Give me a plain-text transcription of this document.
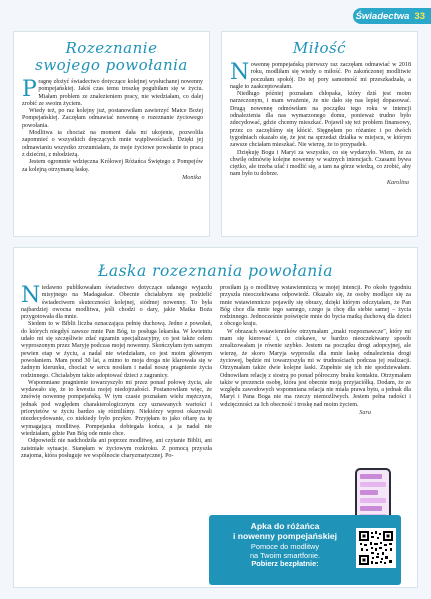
Świadectwa 33
Rozeznanie
swojego powołania

Pragnę złożyć świadectwo dotyczące kolejnej wysłuchanej nowenny pompejańskiej. Jakiś czas temu troszkę pogubiłam się w życiu. Miałam problem ze znalezieniem pracy, nie wiedziałam, co dalej zrobić ze swoim życiem.

Wtedy też, po raz kolejny już, postanowiłam zawierzyć Matce Bożej Pompejańskiej. Zaczęłam odmawiać nowennę o rozeznanie życiowego powołania.

Modlitwa ta chociaż na moment dała mi ukojenie, pozwoliła zapomnieć o wszystkich dręczących mnie wątpliwościach. Dzięki jej odmawianiu wszystko zrozumiałam, że moje życiowe powołanie to praca z dziećmi, z młodzieżą.

Jestem ogromnie wdzięczna Królowej Różańca Świętego z Pompejów za kolejną otrzymaną łaskę.

Monika
Miłość

Nowennę pompejańską pierwszy raz zaczęłam odmawiać w 2018 roku, modliłam się wtedy o miłość. Po zakończonej modlitwie poczułam spokój. Do tej pory samotność mi przeszkadzała, a nagle to zaakceptowałam.

Niedługo później poznałam chłopaka, który dziś jest moim narzeczonym, i mam wrażenie, że nie dało się nas lepiej dopasować. Drugą nowennę odmówiłam na początku tego roku w intencji odnalezienia dla nas wymarzonego domu, ponieważ trudno było zdecydować, gdzie chcemy mieszkać. Pojawił się też problem finansowy, przez co zaczęliśmy się kłócić. Sięgnęłam po różaniec i po dwóch tygodniach okazało się, że jest na sprzedaż działka w miejscu, w którym zawsze chciałam mieszkać. Nie wierzę, że to przypadek.

Dziękuję Bogu i Maryi za wszystko, co się wydarzyło. Wiem, że za chwilę odmówię kolejne nowenny w ważnych intencjach. Czasami bywa ciężko, ale trzeba ufać i modlić się, a tam na górze wiedzą, co zrobić, aby nam było tu dobrze.

Karolina
Łaska rozeznania powołania

Niedawno publikowałam świadectwo dotyczące udanego wyjazdu misyjnego na Madagaskar. Obecnie chciałabym się podzielić świadectwem skuteczności kolejnej, siódmej nowenny. To była najbardziej owocna modlitwa, jeśli chodzi o dary, jakie Matka Boża przygotowała dla mnie.

Siedem to w Biblii liczba oznaczająca pełnię duchową. Jedno z powołań, do których niegdyś zawsze mnie Pan Bóg, to posługa lekarska. W kwietniu udało mi się szczęśliwie zdać egzamin specjalizacyjny, co jest także celem wyproszonym przez Maryję podczas mojej nowenny. Skończyłam tym samym pewien etap w życiu, a nadal nie wiedziałam, co jest moim głównym powołaniem. Mam pond 30 lat, a mimo to moja droga nie klarowała się w żadnym kierunku, chociaż w sercu nosiłam i nadal noszę pragnienie życia rodzinnego. Chciałabym także adoptować dzieci z zagranicy.

Wspomniane pragnienie towarzyszyło mi przez ponad połowę życia, ale wydawało się, że to kwestia mojej niedojrzałości. Postanowiłam więc, że zmówię nowennę pompejańską. W tym czasie poznałam wielu mężczyzn, jednak pod względem charakterologicznym czy uznawanych wartości i priorytetów w życiu bardzo się różniliśmy. Niektórzy wprost okazywali niezdecydowanie, co niekiedy było przykre. Przyjęłam to jako ofiarę za tę wymagającą modlitwę. Pompejanka dobiegała końca, a ja nadal nie wiedziałam, gdzie Pan Bóg ode mnie chce.

Odpowiedź nie nadchodziła ani poprzez modlitwę, ani czytanie Biblii, ani zaistniałe sytuacje. Stanęłam w życiowym rozkroku. Z pomocą przyszła znajoma, która posługuje we wspólnocie charyzmatycznej. Po-

prosiłam ją o modlitwę wstawienniczą w mojej intencji. Po około tygodniu przyszła nieoczekiwana odpowiedź. Okazało się, że osoby modlące się za mnie wstawienniczo pojawiły się obrazy, dzięki którym odczytałam, że Pan Bóg chce dla mnie tego samego, czego ja chcę dla siebie samej – życia rodzinnego. Jednocześnie poświęcie mnie do bycia matką duchową dla dzieci z obcego kraju.

W obrazach wstawienników otrzymałam „znaki rozpoznawcze", który mi mam się kierować i, co ciekawe, w bardzo nieoczekiwany sposób zrealizowałam je równie szybko. Jestem na początku drogi adopcyjnej, ale wierzę, że skoro Maryja wyprosiła dla mnie łaskę odnalezienia drogi życiowej, będzie mi towarzyszyła mi w trudnościach podczas jej realizacji. Otrzymałam także dwie kolejne łaski. Zupełnie się ich nie spodziewałam. Odnowiłam relację z siostrą po ponad półroczny braku kontaktu. Otrzymałam także w prezencie osobę, która jest obecnie moją przyjaciółką. Dodam, że ze względu zawodowych wspomniana relacja nie miała prawa bytu, a jednak dla Maryi i Pana Boga nie ma rzeczy niemożliwych. Jestem pełna radości i wdzięczności za Ich obecność i troskę nad moim życiem.

Sara
Apka do różańca
i nowenny pompejańskiej
Pomoce do modlitwy
na Twoim smartfonie.
Pobierz bezpłatnie:
